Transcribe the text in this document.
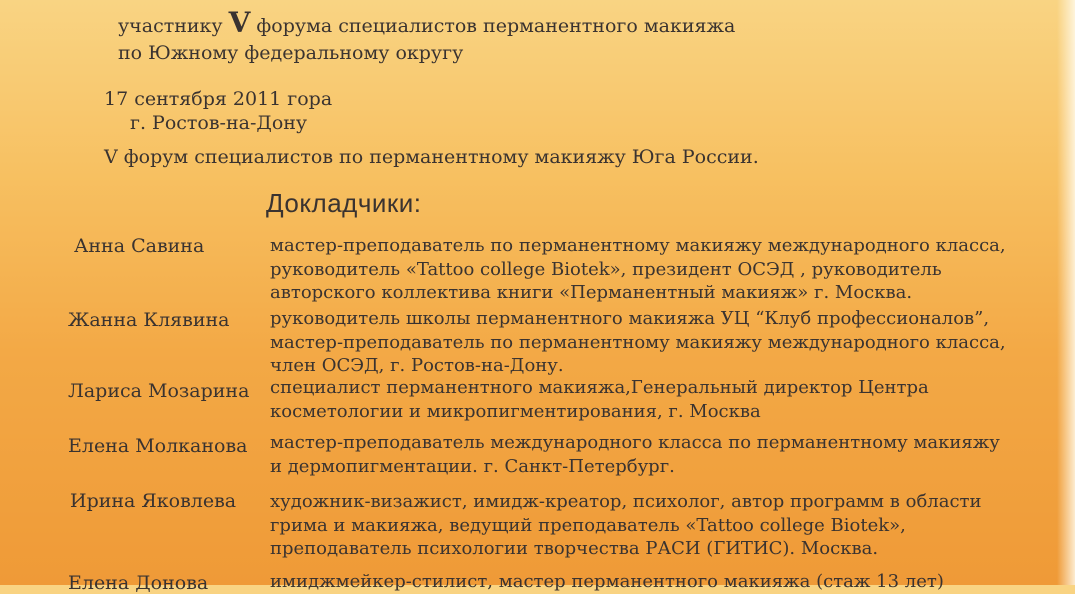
участнику V форума специалистов перманентного макияжа
по Южному федеральному округу
17 сентября 2011 гора
г. Ростов-на-Дону
V форум специалистов по перманентному макияжу Юга России.
Докладчики:
Анна Савина	мастер-преподаватель по перманентному макияжу международного класса,
руководитель «Tattoo college Biotek», президент ОСЭД , руководитель
авторского коллектива книги «Перманентный макияж» г. Москва.
Жанна Клявина руководитель школы перманентного макияжа УЦ “Клуб профессионалов”,
мастер-преподаватель по перманентному макияжу международного класса,
член ОСЭД, г. Ростов-на-Дону.
Лариса Мозарина специалист перманентного макияжа,Генеральный директор Центра
косметологии и микропигментирования, г. Москва
Елена Молканова мастер-преподаватель международного класса по перманентному макияжу
и дермопигментации. г. Санкт-Петербург.
Ирина Яковлева художник-визажист, имидж-креатор, психолог, автор программ в области
грима и макияжа, ведущий преподаватель «Tattoo college Biotek»,
преподаватель психологии творчества РАСИ (ГИТИС). Москва.
Елена Донова	имиджмейкер-стилист, мастер перманентного макияжа (стаж 13 лет)
